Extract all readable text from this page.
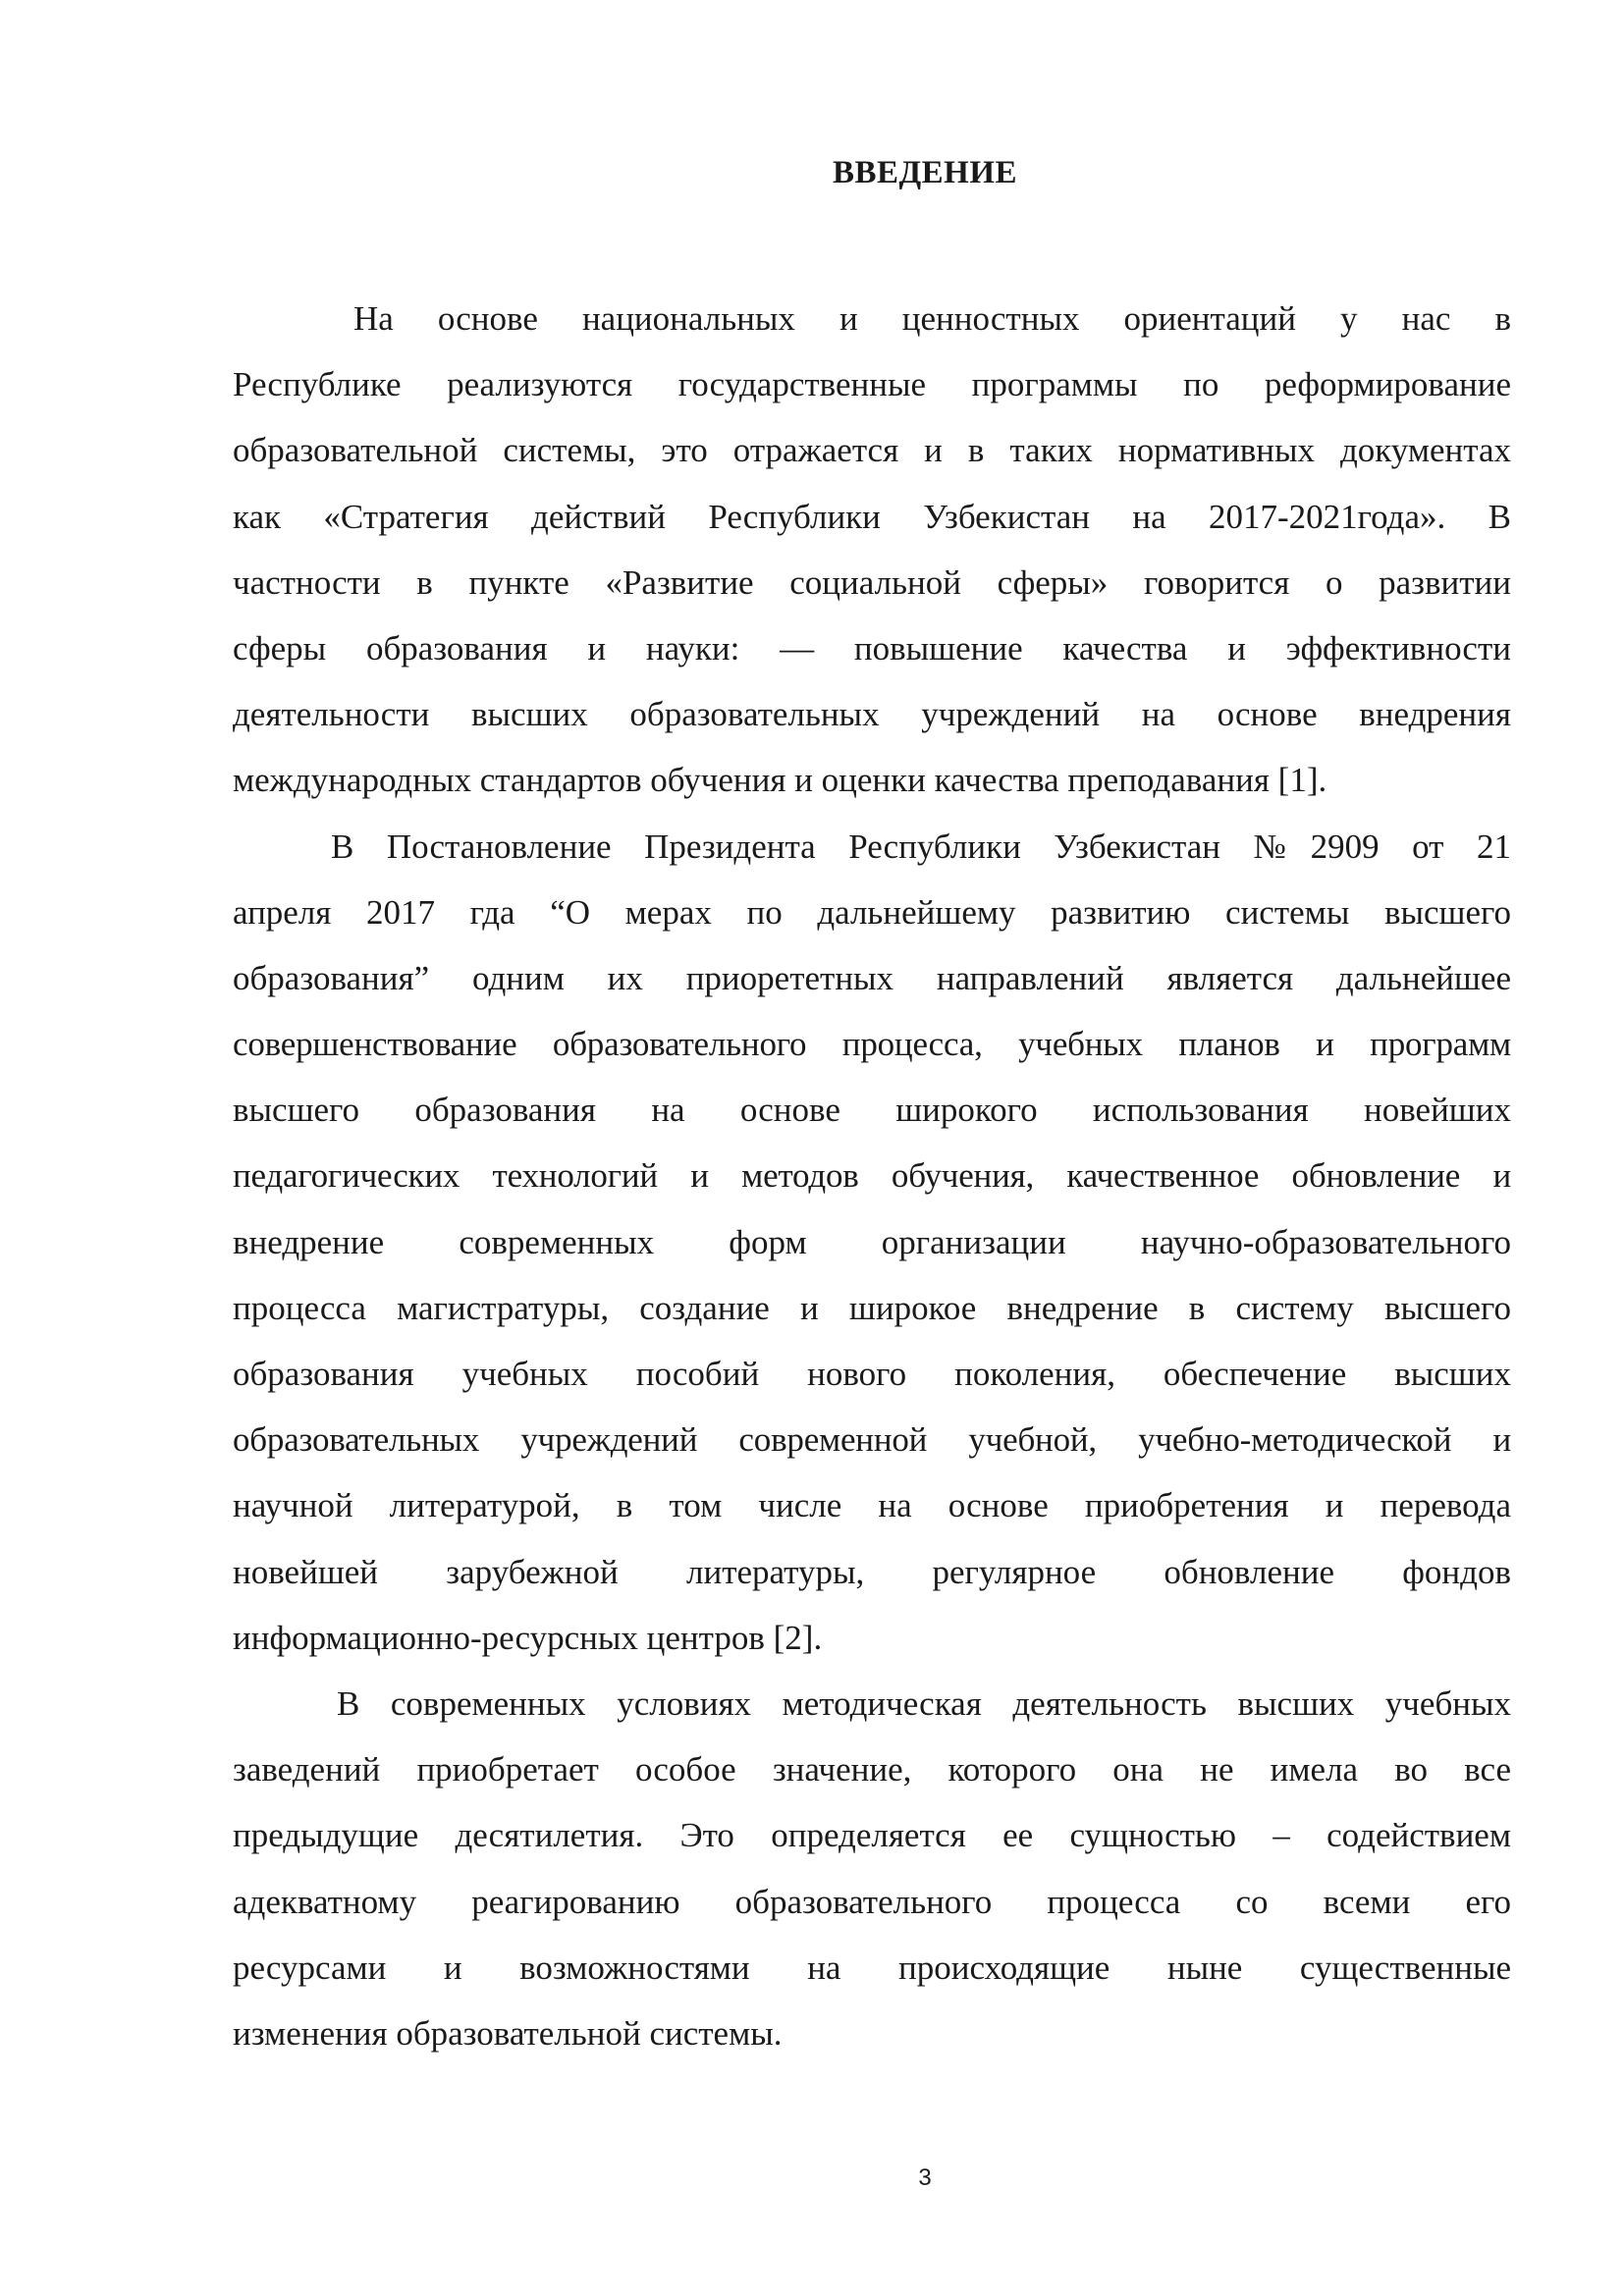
ВВЕДЕНИЕ
На основе национальных и ценностных ориентаций у нас в
Республике реализуются государственные программы по реформирование
образовательной системы, это отражается и в таких нормативных документах
как «Стратегия действий Республики Узбекистан на 2017-2021года». В
частности в пункте «Развитие социальной сферы» говорится о развитии
сферы образования и науки: — повышение качества и эффективности
деятельности высших образовательных учреждений на основе внедрения
международных стандартов обучения и оценки качества преподавания [1].
В Постановление Президента Республики Узбекистан №2909 от 21
апреля 2017 гда “О мерах по дальнейшему развитию системы высшего
образования” одним их приорететных направлений является дальнейшее
совершенствование образовательного процесса, учебных планов и программ
высшего образования на основе широкого использования новейших
педагогических технологий и методов обучения, качественное обновление и
внедрение современных форм организации научно-образовательного
процесса магистратуры, создание и широкое внедрение в систему высшего
образования учебных пособий нового поколения, обеспечение высших
образовательных учреждений современной учебной, учебно-методической и
научной литературой, в том числе на основе приобретения и перевода
новейшей зарубежной литературы, регулярное обновление фондов
информационно-ресурсных центров [2].
В современных условиях методическая деятельность высших учебных
заведений приобретает особое значение, которого она не имела во все
предыдущие десятилетия. Это определяется ее сущностью – содействием
адекватному реагированию образовательного процесса со всеми его
ресурсами и возможностями на происходящие ныне существенные
изменения образовательной системы.
3
